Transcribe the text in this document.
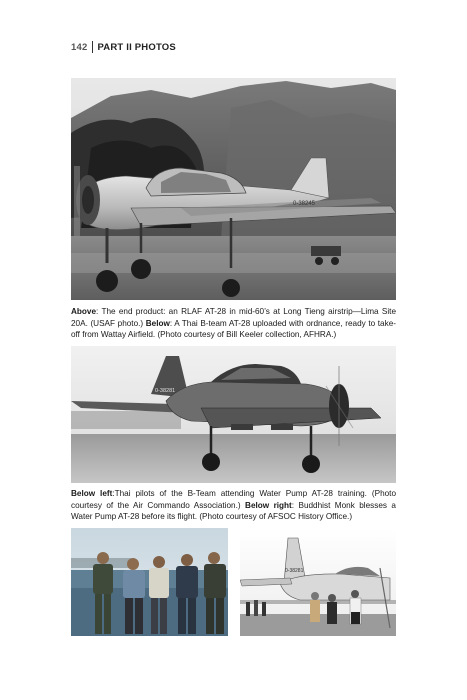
142 PART II PHOTOS
0-38245
Above: The end product: an RLAF AT-28 in mid-60’s at Long Tieng airstrip—Lima Site 20A. (USAF photo.) Below: A Thai B-team AT-28 uploaded with ordnance, ready to take-off from Wattay Airfield. (Photo courtesy of Bill Keeler collection, AFHRA.)
0-38281
Below left:Thai pilots of the B-Team attending Water Pump AT-28 training. (Photo courtesy of the Air Commando Association.) Below right: Buddhist Monk blesses a Water Pump AT-28 before its flight. (Photo courtesy of AFSOC History Office.)
0-38281
